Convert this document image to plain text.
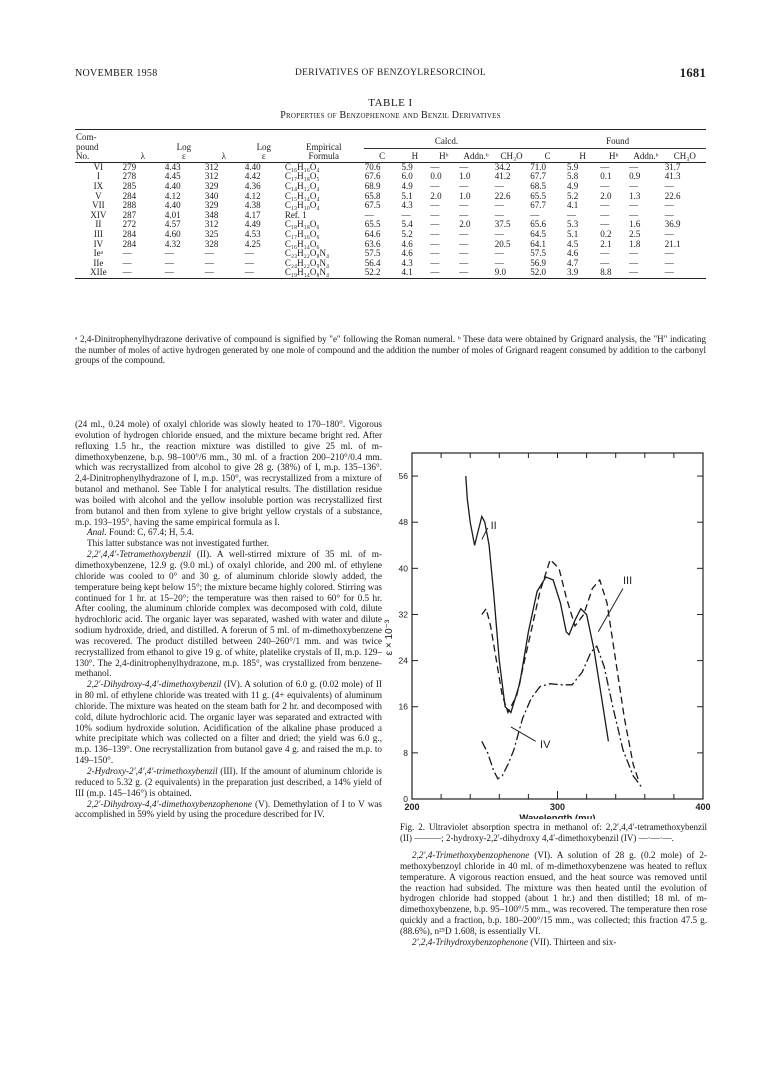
NOVEMBER 1958	DERIVATIVES OF BENZOYLRESORCINOL	1681
TABLE I
Properties of Benzophenone and Benzil Derivatives
Com-
pound
No.	λ	Log
ε	λ	Log
ε	Empirical
Formula	Calcd.					Found				

						C	H	Hᵇ	Addn.ᵇ	CH₃O	C	H	Hᵇ	Addn.ᵇ	CH₃O
VI	279	4.43	312	4.40	C₁₆H₁₆O₄	70.6	5.9	—	—	34.2	71.0	5.9	—	—	31.7
I	278	4.45	312	4.42	C₁₇H₁₈O₅	67.6	6.0	0.0	1.0	41.2	67.7	5.8	0.1	0.9	41.3
IX	285	4.40	329	4.36	C₁₄H₁₂O₄	68.9	4.9	—	—	—	68.5	4.9	—	—	—
V	284	4.12	340	4.12	C₁₅H₁₄O₄	65.8	5.1	2.0	1.0	22.6	65.5	5.2	2.0	1.3	22.6
VII	288	4.40	329	4.38	C₁₃H₁₀O₄	67.5	4.3	—	—	—	67.7	4.1	—	—	—
XIV	287	4.01	348	4.17	Ref. 1	—	—	—	—	—	—	—	—	—	—
II	272	4.57	312	4.49	C₁₈H₁₈O₆	65.5	5.4	—	2.0	37.5	65.6	5.3	—	1.6	36.9
III	284	4.60	325	4.53	C₁₇H₁₆O₆	64.6	5.2	—	—	—	64.5	5.1	0.2	2.5	—
IV	284	4.32	328	4.25	C₁₆H₁₄O₆	63.6	4.6	—	—	20.5	64.1	4.5	2.1	1.8	21.1
Ieᵃ	—	—	—	—	C₂₃H₂₂O₈N₄	57.5	4.6	—	—	—	57.5	4.6	—	—	—
IIe	—	—	—	—	C₂₄H₂₂O₉N₄	56.4	4.3	—	—	—	56.9	4.7	—	—	—
XIIe	—	—	—	—	C₁₉H₁₄O₈N₄	52.2	4.1	—	—	9.0	52.0	3.9	8.8	—	—
ᵃ 2,4-Dinitrophenylhydrazone derivative of compound is signified by "e" following the Roman numeral. ᵇ These data were obtained by Grignard analysis, the "H" indicating the number of moles of active hydrogen generated by one mole of compound and the addition the number of moles of Grignard reagent consumed by addition to the carbonyl groups of the compound.

(24 ml., 0.24 mole) of oxalyl chloride was slowly heated to 170–180°. Vigorous evolution of hydrogen chloride ensued, and the mixture became bright red. After refluxing 1.5 hr., the reaction mixture was distilled to give 25 ml. of m-dimethoxybenzene, b.p. 98–100°/6 mm., 30 ml. of a fraction 200–210°/0.4 mm. which was recrystallized from alcohol to give 28 g. (38%) of I, m.p. 135–136°. 2,4-Dinitrophenylhydrazone of I, m.p. 150°, was recrystallized from a mixture of butanol and methanol. See Table I for analytical results. The distillation residue was boiled with alcohol and the yellow insoluble portion was recrystallized first from butanol and then from xylene to give bright yellow crystals of a substance, m.p. 193–195°, having the same empirical formula as I.

Anal. Found: C, 67.4; H, 5.4.

This latter substance was not investigated further.

2,2′,4,4′-Tetramethoxybenzil (II). A well-stirred mixture of 35 ml. of m-dimethoxybenzene, 12.9 g. (9.0 ml.) of oxalyl chloride, and 200 ml. of ethylene chloride was cooled to 0° and 30 g. of aluminum chloride slowly added, the temperature being kept below 15°; the mixture became highly colored. Stirring was continued for 1 hr. at 15–20°; the temperature was then raised to 60° for 0.5 hr. After cooling, the aluminum chloride complex was decomposed with cold, dilute hydrochloric acid. The organic layer was separated, washed with water and dilute sodium hydroxide, dried, and distilled. A forerun of 5 ml. of m-dimethoxybenzene was recovered. The product distilled between 240–260°/1 mm. and was twice recrystallized from ethanol to give 19 g. of white, platelike crystals of II, m.p. 129–130°. The 2,4-dinitrophenylhydrazone, m.p. 185°, was crystallized from benzene-methanol.

2,2′-Dihydroxy-4,4′-dimethoxybenzil (IV). A solution of 6.0 g. (0.02 mole) of II in 80 ml. of ethylene chloride was treated with 11 g. (4+ equivalents) of aluminum chloride. The mixture was heated on the steam bath for 2 hr. and decomposed with cold, dilute hydrochloric acid. The organic layer was separated and extracted with 10% sodium hydroxide solution. Acidification of the alkaline phase produced a white precipitate which was collected on a filter and dried; the yield was 6.0 g., m.p. 136–139°. One recrystallization from butanol gave 4 g. and raised the m.p. to 149–150°.

2-Hydroxy-2′,4′,4′-trimethoxybenzil (III). If the amount of aluminum chloride is reduced to 5.32 g. (2 equivalents) in the preparation just described, a 14% yield of III (m.p. 145–146°) is obtained.

2,2′-Dihydroxy-4,4′-dimethoxybenzophenone (V). Demethylation of I to V was accomplished in 59% yield by using the procedure described for IV.

0
8
16
24
32
40
48
56
200	300	400
Wavelength (mμ)
ε × 10⁻³
II
III
IV
Fig. 2. Ultraviolet absorption spectra in methanol of: 2,2′,4,4′-tetramethoxybenzil (II) ———; 2-hydroxy-2,2′-dihydroxy 4,4′-dimethoxybenzil (IV) —·—·—.

2,2′,4-Trimethoxybenzophenone (VI). A solution of 28 g. (0.2 mole) of 2-methoxybenzoyl chloride in 40 ml. of m-dimethoxybenzene was heated to reflux temperature. A vigorous reaction ensued, and the heat source was removed until the reaction had subsided. The mixture was then heated until the evolution of hydrogen chloride had stopped (about 1 hr.) and then distilled; 18 ml. of m-dimethoxybenzene, b.p. 95–100°/5 mm., was recovered. The temperature then rose quickly and a fraction, b.p. 180–200°/15 mm., was collected; this fraction 47.5 g. (88.6%), n²⁵D 1.608, is essentially VI.

2′,2,4-Trihydroxybenzophenone (VII). Thirteen and six-
